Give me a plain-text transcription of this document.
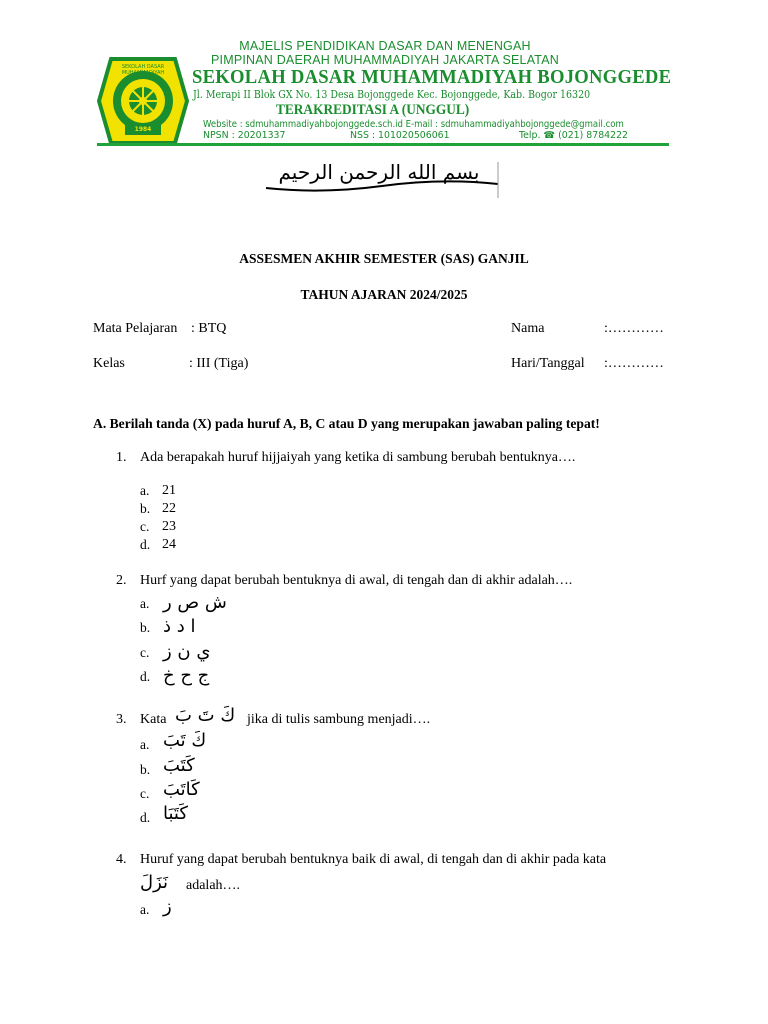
SEKOLAH DASAR MUHAMMADIYAH
1984
MAJELIS PENDIDIKAN DASAR DAN MENENGAH
PIMPINAN DAERAH MUHAMMADIYAH JAKARTA SELATAN
SEKOLAH DASAR MUHAMMADIYAH BOJONGGEDE
Jl. Merapi II Blok GX No. 13 Desa Bojonggede Kec. Bojonggede, Kab. Bogor 16320
TERAKREDITASI A (UNGGUL)
Website : sdmuhammadiyahbojonggede.sch.id E-mail : sdmuhammadiyahbojonggede@gmail.com
NPSN : 20201337	NSS : 101020506061	Telp. ☎ (021) 8784222
بسم الله الرحمن الرحيم
ASSESMEN AKHIR SEMESTER (SAS) GANJIL
TAHUN AJARAN 2024/2025
Mata Pelajaran : BTQ	Nama	:…………
Kelas	: III (Tiga)	Hari/Tanggal :…………
A. Berilah tanda (X) pada huruf A, B, C atau D yang merupakan jawaban paling tepat!
1. Ada berapakah huruf hijjaiyah yang ketika di sambung berubah bentuknya….
a. 21
b. 22
c. 23
d. 24
2. Hurf yang dapat berubah bentuknya di awal, di tengah dan di akhir adalah….
a. ش ص ر
b. ا د ذ
c. ي ن ز
d. ج ح خ
3. Kata كَ تَ بَ jika di tulis sambung menjadi….
a. كَ تَبَ
b. كَتَبَ
c. كَاتَبَ
d. كَتَبَا
4. Huruf yang dapat berubah bentuknya baik di awal, di tengah dan di akhir pada kata
نَزَلَ adalah….
a. ز
